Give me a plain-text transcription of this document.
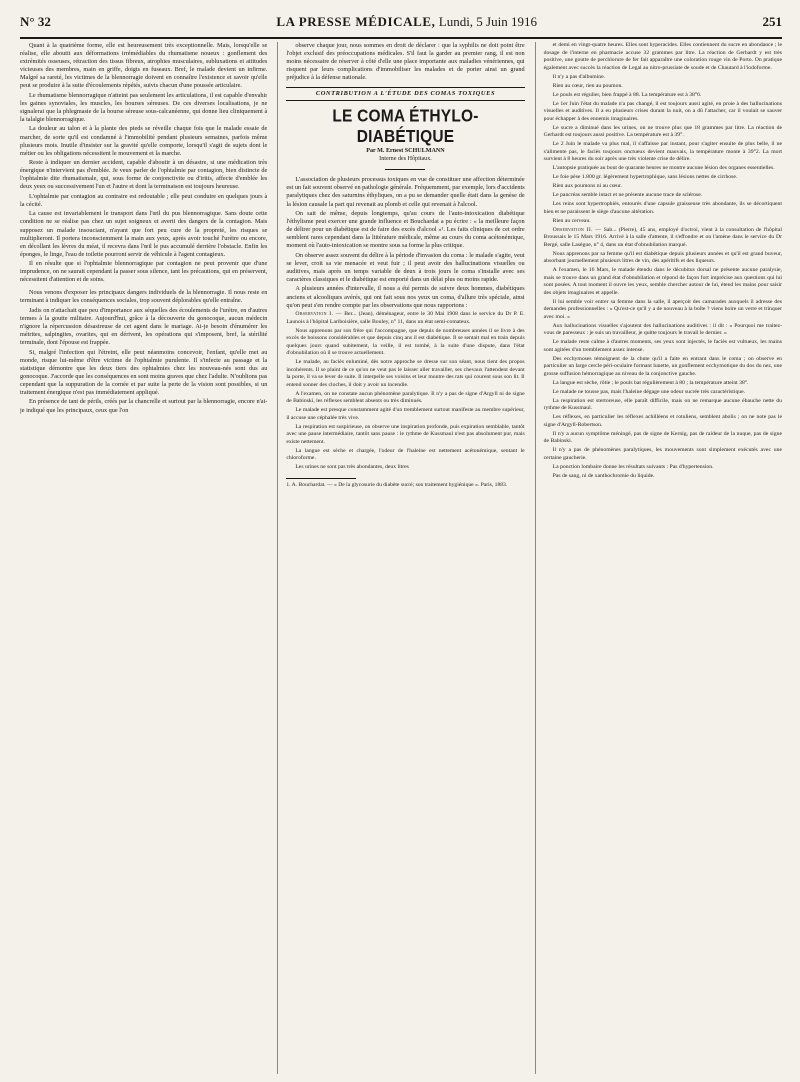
N° 32	LA PRESSE MÉDICALE, Lundi, 5 Juin 1916	251

Quant à la quatrième forme, elle est heureusement très exceptionnelle. Mais, lorsqu'elle se réalise, elle aboutit aux déformations irrémédiables du rhumatisme noueux : gonflement des extrémités osseuses, rétraction des tissus fibreux, atrophies musculaires, subluxations et attitudes vicieuses des membres, main en griffe, doigts en fuseaux. Bref, le malade devient un infirme. Malgré sa rareté, les victimes de la blennorragie doivent en connaître l'existence et savoir qu'elle peut se produire à la suite d'écoulements répétés, suivis chacun d'une poussée articulaire.

Le rhumatisme blennorragique n'atteint pas seulement les articulations, il est capable d'envahir les gaines synoviales, les muscles, les bourses séreuses. De ces diverses localisations, je ne signalerai que la phlegmasie de la bourse séreuse sous-calcanéenne, qui donne lieu cliniquement à la talalgie blennorragique.

La douleur au talon et à la plante des pieds se réveille chaque fois que le malade essaie de marcher, de sorte qu'il est condamné à l'immobilité pendant plusieurs semaines, parfois même plusieurs mois. Inutile d'insister sur la gravité qu'elle comporte, lorsqu'il s'agit de sujets dont le métier ou les obligations nécessitent le mouvement et la marche.

Reste à indiquer un dernier accident, capable d'aboutir à un désastre, si une médication très énergique n'intervient pas d'emblée. Je veux parler de l'ophtalmie par contagion, bien distincte de l'ophtalmie dite rhumatismale, qui, sous forme de conjonctivite ou d'iritis, affecte d'emblée les deux yeux ou successivement l'un et l'autre et dont la terminaison est toujours heureuse.

L'ophtalmie par contagion au contraire est redoutable ; elle peut conduire en quelques jours à la cécité.

La cause est invariablement le transport dans l'œil du pus blennorragique. Sans doute cette condition ne se réalise pas chez un sujet soigneux et averti des dangers de la contagion. Mais supposez un malade insouciant, n'ayant que fort peu cure de la propreté, les risques se multiplieront. Il portera inconsciemment la main aux yeux, après avoir touché l'urètre ou encore, en décollant les lèvres du méat, il recevra dans l'œil le pus accumulé derrière l'obstacle. Enfin les éponges, le linge, l'eau de toilette pourront servir de véhicule à l'agent contagieux.

Il en résulte que si l'ophtalmie blennorragique par contagion ne peut provenir que d'une imprudence, on ne saurait cependant la passer sous silence, tant les précautions, qui en préservent, nécessitent d'attention et de soins.

Nous venons d'exposer les principaux dangers individuels de la blennorragie. Il nous reste en terminant à indiquer les conséquences sociales, trop souvent déplorables qu'elle entraîne.

Jadis on n'attachait que peu d'importance aux séquelles des écoulements de l'urètre, en d'autres termes à la goutte militaire. Aujourd'hui, grâce à la découverte du gonocoque, aucun médecin n'ignore la répercussion désastreuse de cet agent dans le mariage. Ai-je besoin d'énumérer les métrites, salpingites, ovarites, qui en dérivent, les opérations qui s'imposent, bref, la stérilité terminale, dont l'épouse est frappée.

Si, malgré l'infection qui l'étreint, elle peut néanmoins concevoir, l'enfant, qu'elle met au monde, risque lui-même d'être victime de l'ophtalmie purulente. Il s'infecte au passage et la statistique démontre que les deux tiers des ophtalmies chez les nouveau-nés sont dus au gonocoque. J'accorde que les conséquences en sont moins graves que chez l'adulte. N'oublions pas cependant que la suppuration de la cornée et par suite la perte de la vision sont possibles, si un traitement énergique n'est pas immédiatement appliqué.

En présence de tant de périls, créés par la chancrelle et surtout par la blennorragie, encore n'ai-je indiqué que les principaux, ceux que l'on

observe chaque jour, nous sommes en droit de déclarer : que la syphilis ne doit point être l'objet exclusif des préoccupations médicales. S'il faut la garder au premier rang, il est non moins nécessaire de réserver à côté d'elle une place importante aux maladies vénériennes, qui risquent par leurs complications d'immobiliser les malades et de porter ainsi un grand préjudice à la défense nationale.

CONTRIBUTION A L'ÉTUDE DES COMAS TOXIQUES
LE COMA ÉTHYLO-DIABÉTIQUE
Par M. Ernest SCHULMANN
Interne des Hôpitaux.

L'association de plusieurs processus toxiques en vue de constituer une affection déterminée est un fait souvent observé en pathologie générale. Fréquemment, par exemple, lors d'accidents paralytiques chez des saturnins éthyliques, on a pu se demander quelle était dans la genèse de la lésion causale la part qui revenait au plomb et celle qui revenait à l'alcool.

On sait de même, depuis longtemps, qu'au cours de l'auto-intoxication diabétique l'éthylisme peut exercer une grande influence et Bouchardat a pu écrire : « la meilleure façon de délirer pour un diabétique est de faire des excès d'alcool »¹. Les faits cliniques de cet ordre semblent rares cependant dans la littérature médicale, même au cours du coma acétonémique, moment où l'auto-intoxication se montre sous sa forme la plus critique.

On observe assez souvent du délire à la période d'invasion du coma : le malade s'agite, veut se lever, croit sa vie menacée et veut fuir ; il peut avoir des hallucinations visuelles ou auditives, mais après un temps variable de deux à trois jours le coma s'installe avec ses caractères classiques et le diabétique est emporté dans un délai plus ou moins rapide.

A plusieurs années d'intervalle, il nous a été permis de suivre deux hommes, diabétiques anciens et alcooliques avérés, qui ont fait sous nos yeux un coma, d'allure très spéciale, ainsi qu'on peut s'en rendre compte par les observations que nous rapportons :

Observation I. — Ber... (Jean), déménageur, entre le 30 Mai 1908 dans le service du Dr P. E. Launois à l'hôpital Lariboisière, salle Bouley, n° 11, dans un état semi-comateux.

Nous apprenons par son frère qui l'accompagne, que depuis de nombreuses années il se livre à des excès de boissons considérables et que depuis cinq ans il est diabétique. Il se sentait mal en train depuis quelques jours quand subitement, la veille, il est tombé, à la suite d'une dispute, dans l'état d'obnubilation où il se trouve actuellement.

Le malade, au faciès enluminé, dès notre approche se dresse sur son séant, nous tient des propos incohérents. Il se plaint de ce qu'on ne veut pas le laisser aller travailler, ses chevaux l'attendent devant la porte, il va se lever de suite. Il interpelle ses voisins et leur montre des rats qui courent sous son lit. Il entend sonner des cloches, il doit y avoir un incendie.

A l'examen, on ne constate aucun phénomène paralytique. Il n'y a pas de signe d'Argyll ni de signe de Babinski, les réflexes semblent absents ou très diminués.

Le malade est presque constamment agité d'un tremblement surtout manifeste au membre supérieur, il accuse une céphalée très vive.

La respiration est suspirieuse, on observe une inspiration profonde, puis expiration semblable, tantôt avec une pause intermédiaire, tantôt sans pause : le rythme de Kussmaul n'est pas absolument pur, mais existe nettement.

La langue est sèche et chargée, l'odeur de l'haleine est nettement acétonémique, sentant le chloroforme.

Les urines ne sont pas très abondantes, deux litres

1. A. Bouchardat. — « De la glycosurie du diabète sucré; son traitement hygiénique ». Paris, 1883.

et demi en vingt-quatre heures. Elles sont hyperacides. Elles contiennent du sucre en abondance ; le dosage de l'interne en pharmacie accuse 32 grammes par litre. La réaction de Gerhardt y est très positive, une goutte de perchlorure de fer fait apparaître une coloration rouge vin de Porto. On pratique également avec succès la réaction de Legal au nitro-prussiate de soude et de Chautard à l'iodoforme.

Il n'y a pas d'albumine.

Rien au cœur, rien au poumon.

Le pouls est régulier, bien frappé à 88. La température est à 38°6.

Le 1er Juin l'état du malade n'a pas changé, il est toujours aussi agité, en proie à des hallucinations visuelles et auditives. Il a eu plusieurs crises durant la nuit, on a dû l'attacher, car il voulait se sauver pour échapper à des ennemis imaginaires.

Le sucre a diminué dans les urines, on ne trouve plus que 18 grammes par litre. La réaction de Gerhardt est toujours aussi positive. La température est à 39°.

Le 2 Juin le malade va plus mal, il s'affaisse par instant, pour s'agiter ensuite de plus belle, il ne s'alimente pas, le faciès toujours onctueux devient mauvais, la température monte à 39°2. La mort survient à 8 heures du soir après une très violente crise de délire.

L'autopsie pratiquée au bout de quarante heures ne montre aucune lésion des organes essentielles.

Le foie pèse 1.800 gr. légèrement hypertrophique, sans lésions nettes de cirrhose.

Rien aux poumons ni au cœur.

Le pancréas semble intact et ne présente aucune trace de sclérose.

Les reins sont hypertrophiés, entourés d'une capsule graisseuse très abondante, ils se décortiquent bien et ne paraissent le siège d'aucune altération.

Rien au cerveau.

Observation II. — Sab... (Pierre), 45 ans, employé d'octroi, vient à la consultation de l'hôpital Broussais le 15 Mars 1916. Arrivé à la salle d'attente, il s'effondre et on l'amène dans le service du Dr Bergé, salle Lasègue, n° 4, dans un état d'obnubilation marqué.

Nous apprenons par sa femme qu'il est diabétique depuis plusieurs années et qu'il est grand buveur, absorbant journellement plusieurs litres de vin, des apéritifs et des liqueurs.

A l'examen, le 16 Mars, le malade étendu dans le décubitus dorsal ne présente aucune paralysie, mais se trouve dans un grand état d'obnubilation et répond de façon fort imprécise aux questions qui lui sont posées. A tout moment il ouvre les yeux, semble chercher autour de lui, étend les mains pour saisir des objets imaginaires et appelle.

Il lui semble voir entrer sa femme dans la salle, il aperçoit des camarades auxquels il adresse des demandes professionnelles : « Qu'est-ce qu'il y a de nouveau à la boîte ? viens boire un verre et trinquer avec moi. »

Aux hallucinations visuelles s'ajoutent des hallucinations auditives : il dit : « Pourquoi me traitez-vous de paresseux : je suis un travailleur, je quitte toujours le travail le dernier. »

Le malade reste calme à d'autres moments, ses yeux sont injectés, le faciès est vultueux, les mains sont agitées d'un tremblement assez intense.

Des ecchymoses témoignent de la chute qu'il a faite en entrant dans le coma ; on observe en particulier un large cercle péri-oculaire formant lunette, un gonflement ecchymotique du dos du nez, une grosse suffusion hémorragique au niveau de la conjonctive gauche.

La langue est sèche, rôtie ; le pouls bat régulièrement à 80 ; la température atteint 38°.

Le malade ne tousse pas, mais l'haleine dégage une odeur sucrée très caractéristique.

La respiration est stertoreuse, elle paraît difficile, mais on ne remarque aucune ébauche nette du rythme de Kussmaul.

Les réflexes, en particulier les réflexes achilléens et rotuliens, semblent abolis ; on ne note pas le signe d'Argyll-Robertson.

Il n'y a aucun symptôme méningé, pas de signe de Kernig, pas de raideur de la nuque, pas de signe de Babinski.

Il n'y a pas de phénomènes paralytiques, les mouvements sont simplement exécutés avec une certaine gaucherie.

La ponction lombaire donne les résultats suivants : Pas d'hypertension.

Pas de sang, ni de xanthochromie du liquide.
